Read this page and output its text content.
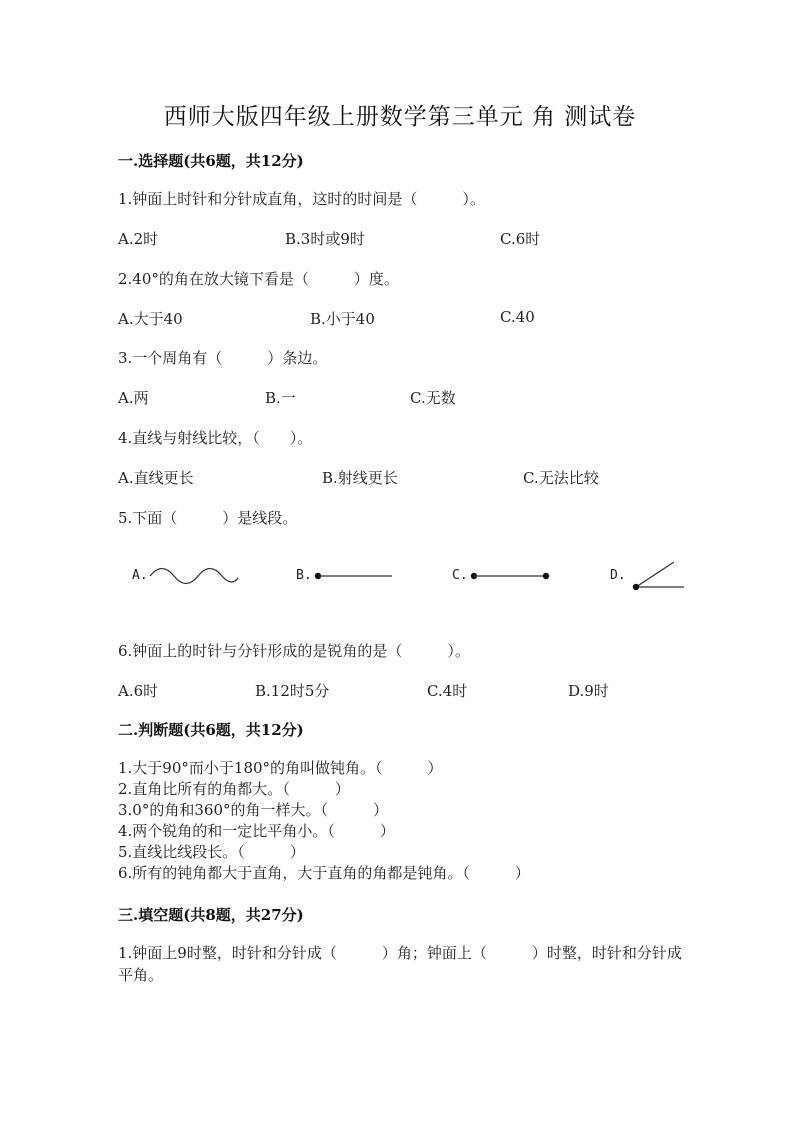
西师大版四年级上册数学第三单元 角 测试卷
一.选择题(共6题，共12分)
1.钟面上时针和分针成直角，这时的时间是（　　　）。
A.2时	B.3时或9时	C.6时
2.40°的角在放大镜下看是（　　　）度。
A.大于40	B.小于40	C.40
3.一个周角有（　　　）条边。
A.两	B.一	C.无数
4.直线与射线比较，（　　）。
A.直线更长	B.射线更长	C.无法比较
5.下面（　　　）是线段。
A.	B.	C.	D.
6.钟面上的时针与分针形成的是锐角的是（　　　）。
A.6时	B.12时5分	C.4时	D.9时
二.判断题(共6题，共12分)
1.大于90°而小于180°的角叫做钝角。（　　　）
2.直角比所有的角都大。（　　　）
3.0°的角和360°的角一样大。（　　　）
4.两个锐角的和一定比平角小。（　　　）
5.直线比线段长。（　　　）
6.所有的钝角都大于直角，大于直角的角都是钝角。（　　　）
三.填空题(共8题，共27分)
1.钟面上9时整，时针和分针成（　　　）角；钟面上（　　　）时整，时针和分针成平角。
